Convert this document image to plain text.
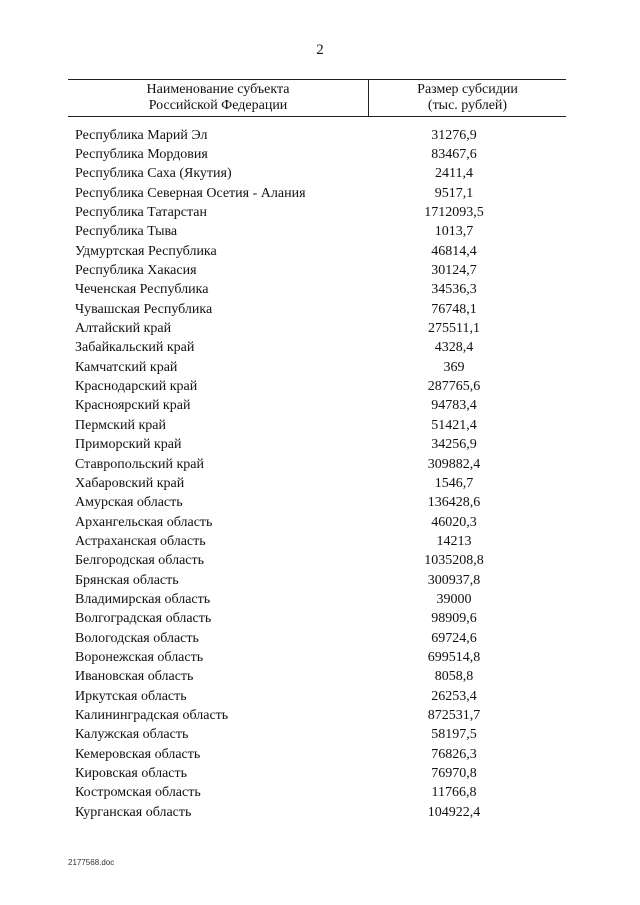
2
Наименование субъекта
Российской Федерации
Размер субсидии
(тыс. рублей)
Республика Марий Эл	31276,9
Республика Мордовия	83467,6
Республика Саха (Якутия)	2411,4
Республика Северная Осетия - Алания	9517,1
Республика Татарстан	1712093,5
Республика Тыва	1013,7
Удмуртская Республика	46814,4
Республика Хакасия	30124,7
Чеченская Республика	34536,3
Чувашская Республика	76748,1
Алтайский край	275511,1
Забайкальский край	4328,4
Камчатский край	369
Краснодарский край	287765,6
Красноярский край	94783,4
Пермский край	51421,4
Приморский край	34256,9
Ставропольский край	309882,4
Хабаровский край	1546,7
Амурская область	136428,6
Архангельская область	46020,3
Астраханская область	14213
Белгородская область	1035208,8
Брянская область	300937,8
Владимирская область	39000
Волгоградская область	98909,6
Вологодская область	69724,6
Воронежская область	699514,8
Ивановская область	8058,8
Иркутская область	26253,4
Калининградская область	872531,7
Калужская область	58197,5
Кемеровская область	76826,3
Кировская область	76970,8
Костромская область	11766,8
Курганская область	104922,4
2177568.doc
